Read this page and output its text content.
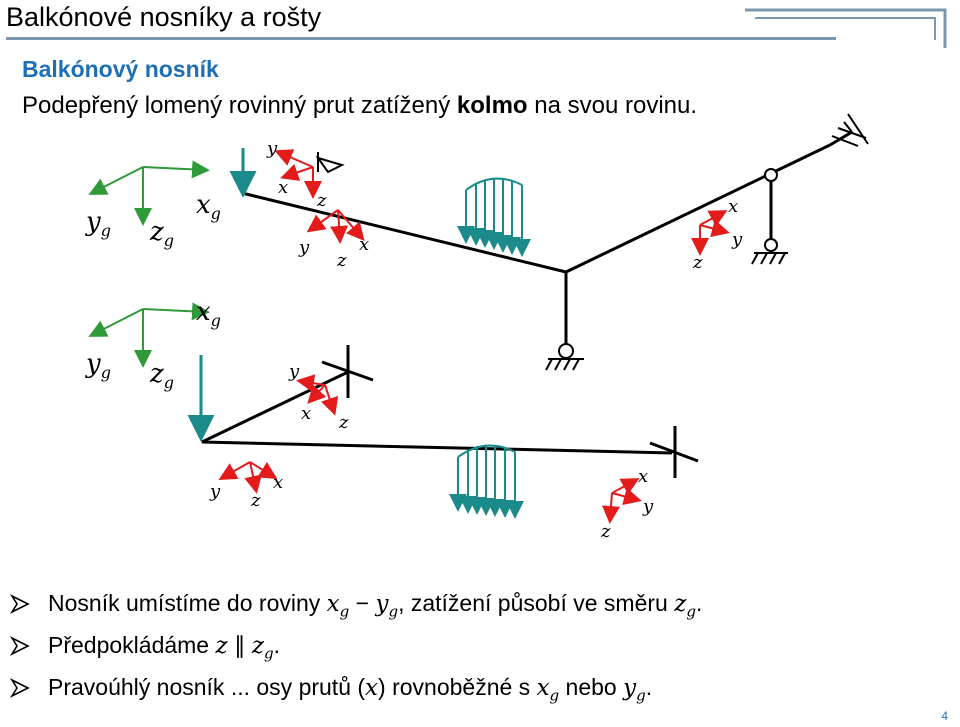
Balkónové nosníky a rošty
Balkónový nosník
Podepřený lomený rovinný prut zatížený kolmo na svou rovinu.
$y_g$ $z_g$
$x_g$
y
x
z
y
z
x
x
y
z
$y_g$ $z_g$
$x_g$
y
x z
y z
x	x
y
z
Nosník umístíme do roviny $x_g - y_g$, zatížení působí ve směru $z_g$.
Předpokládáme z ∥ $z_g$.
Pravoúhlý nosník ... osy prutů (x) rovnoběžné s $x_g$ nebo $y_g$.
4
